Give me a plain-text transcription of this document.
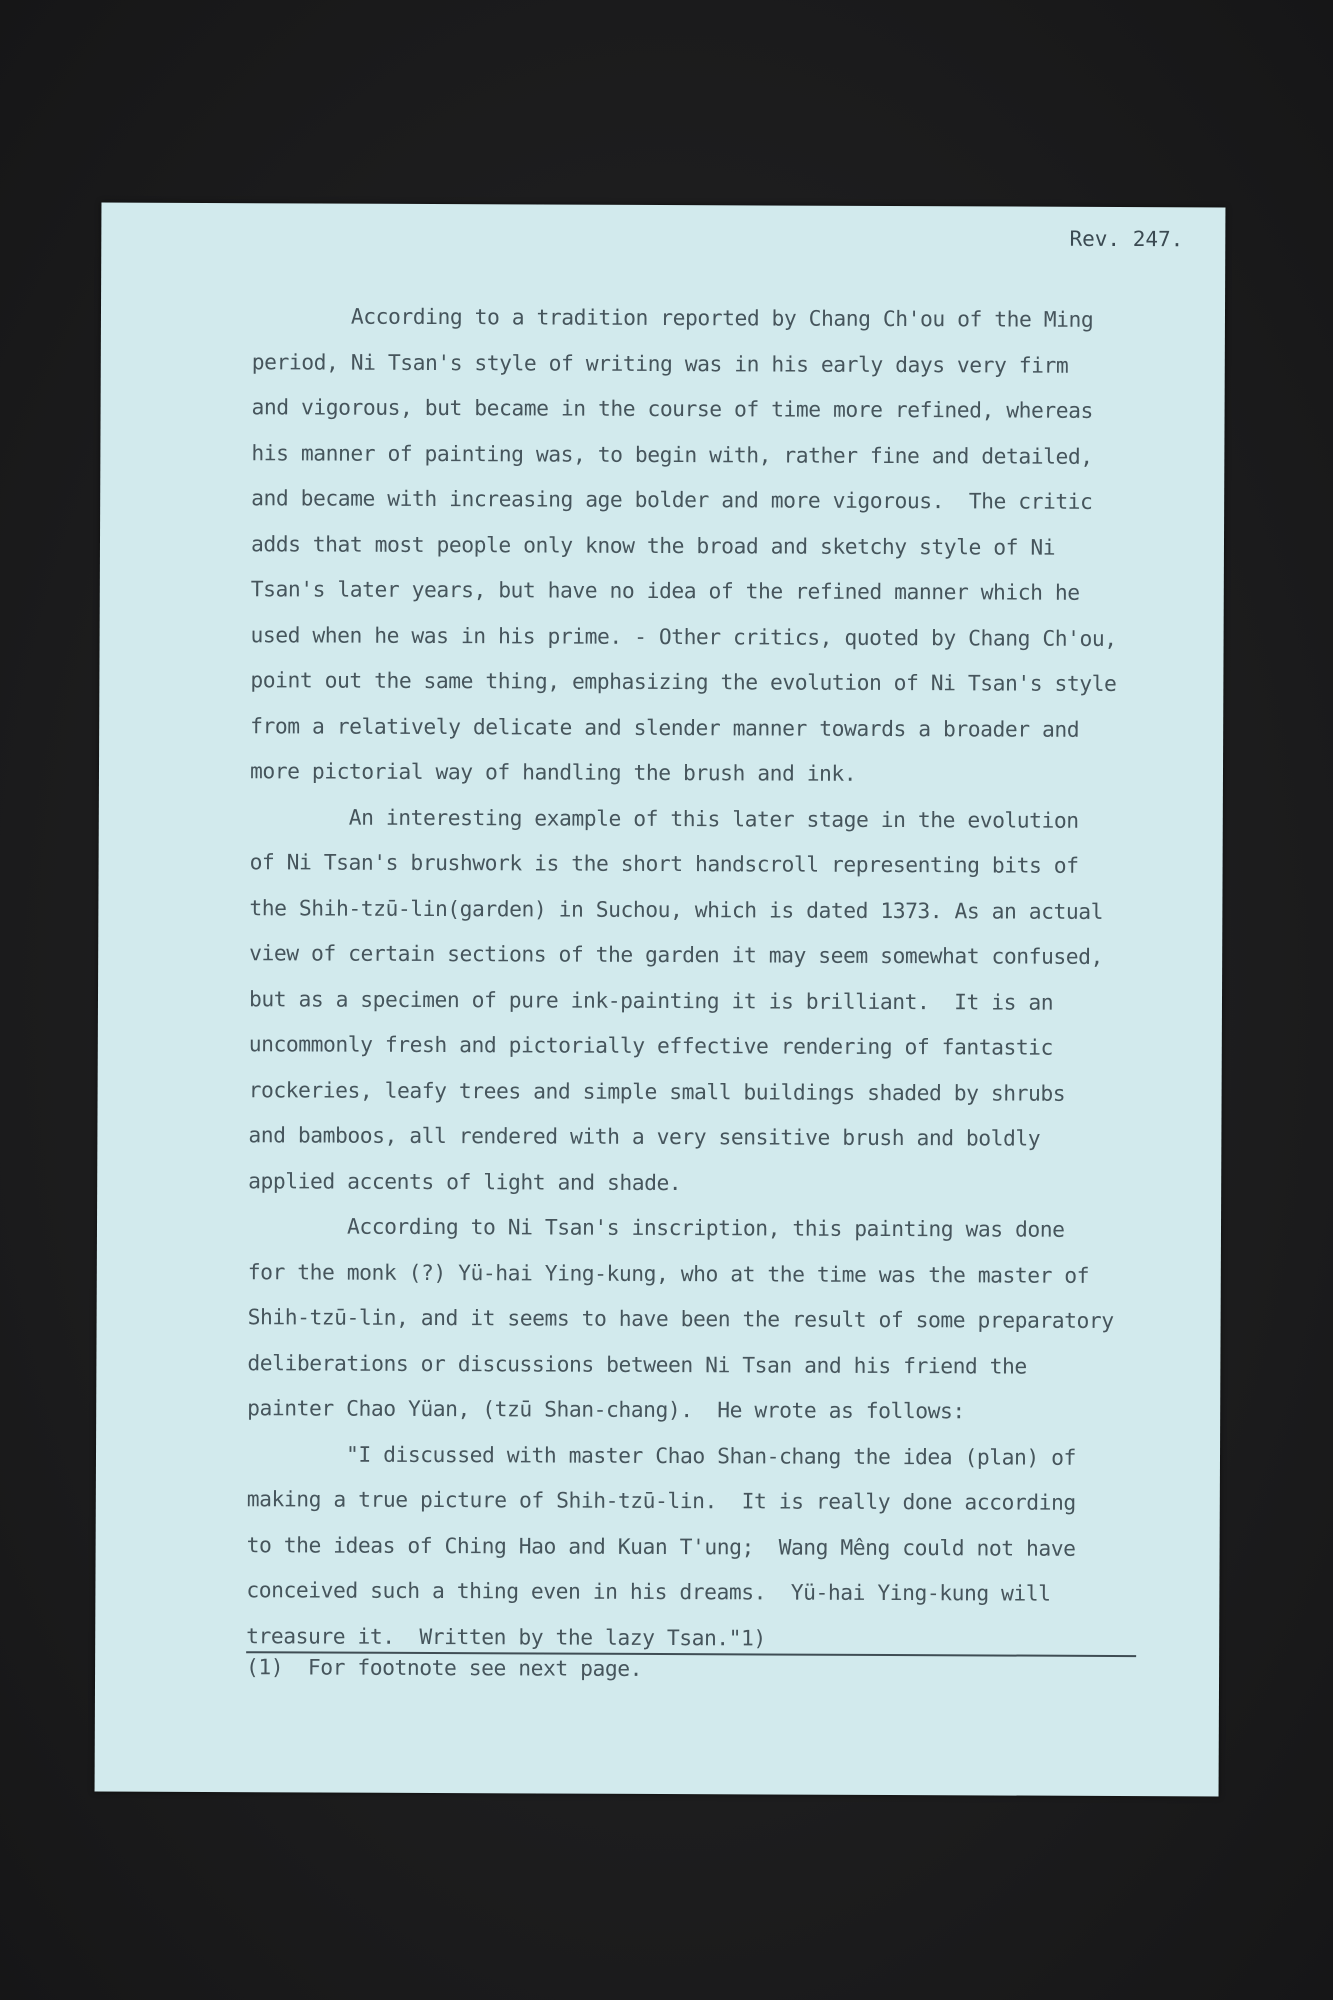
Rev. 247.
According to a tradition reported by Chang Ch'ou of the Ming
period, Ni Tsan's style of writing was in his early days very firm
and vigorous, but became in the course of time more refined, whereas
his manner of painting was, to begin with, rather fine and detailed,
and became with increasing age bolder and more vigorous.  The critic
adds that most people only know the broad and sketchy style of Ni
Tsan's later years, but have no idea of the refined manner which he
used when he was in his prime. - Other critics, quoted by Chang Ch'ou,
point out the same thing, emphasizing the evolution of Ni Tsan's style
from a relatively delicate and slender manner towards a broader and
more pictorial way of handling the brush and ink.
An interesting example of this later stage in the evolution
of Ni Tsan's brushwork is the short handscroll representing bits of
the Shih-tzū-lin(garden) in Suchou, which is dated 1373. As an actual
view of certain sections of the garden it may seem somewhat confused,
but as a specimen of pure ink-painting it is brilliant.  It is an
uncommonly fresh and pictorially effective rendering of fantastic
rockeries, leafy trees and simple small buildings shaded by shrubs
and bamboos, all rendered with a very sensitive brush and boldly
applied accents of light and shade.
According to Ni Tsan's inscription, this painting was done
for the monk (?) Yü-hai Ying-kung, who at the time was the master of
Shih-tzū-lin, and it seems to have been the result of some preparatory
deliberations or discussions between Ni Tsan and his friend the
painter Chao Yüan, (tzū Shan-chang).  He wrote as follows:
"I discussed with master Chao Shan-chang the idea (plan) of
making a true picture of Shih-tzū-lin.  It is really done according
to the ideas of Ching Hao and Kuan T'ung;  Wang Mêng could not have
conceived such a thing even in his dreams.  Yü-hai Ying-kung will
treasure it.  Written by the lazy Tsan."1)
(1)  For footnote see next page.
